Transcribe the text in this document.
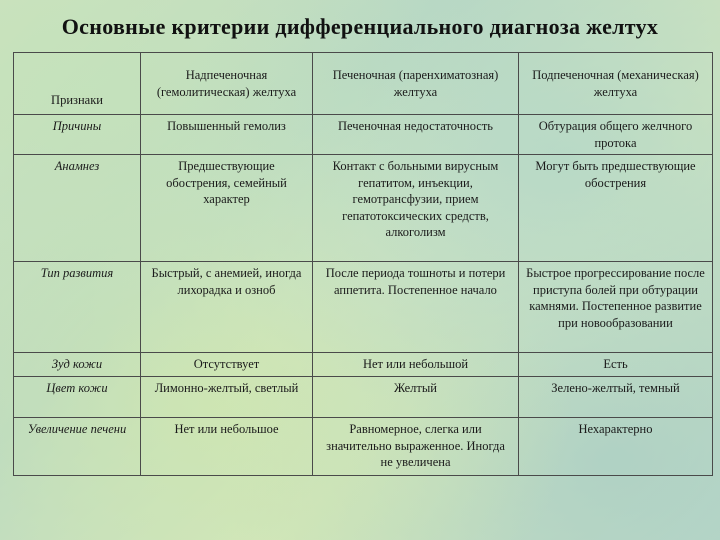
Основные критерии дифференциального диагноза желтух
Признаки	Надпеченочная (гемолитическая) желтуха	Печеночная (паренхиматозная) желтуха	Подпеченочная (механическая) желтуха
Причины	Повышенный гемолиз	Печеночная недостаточность	Обтурация общего желчного протока
Анамнез	Предшествующие обострения, семейный характер	Контакт с больными вирусным гепатитом, инъекции, гемотрансфузии, прием гепатотоксических средств, алкоголизм	Могут быть предшествующие обострения
Тип развития	Быстрый, с анемией, иногда лихорадка и озноб	После периода тошноты и потери аппетита. Постепенное начало	Быстрое прогрессирование после приступа болей при обтурации камнями. Постепенное развитие при новообразовании
Зуд кожи	Отсутствует	Нет или небольшой	Есть
Цвет кожи	Лимонно-желтый, светлый	Желтый	Зелено-желтый, темный
Увеличение печени	Нет или небольшое	Равномерное, слегка или значительно выраженное. Иногда не увеличена	Нехарактерно
